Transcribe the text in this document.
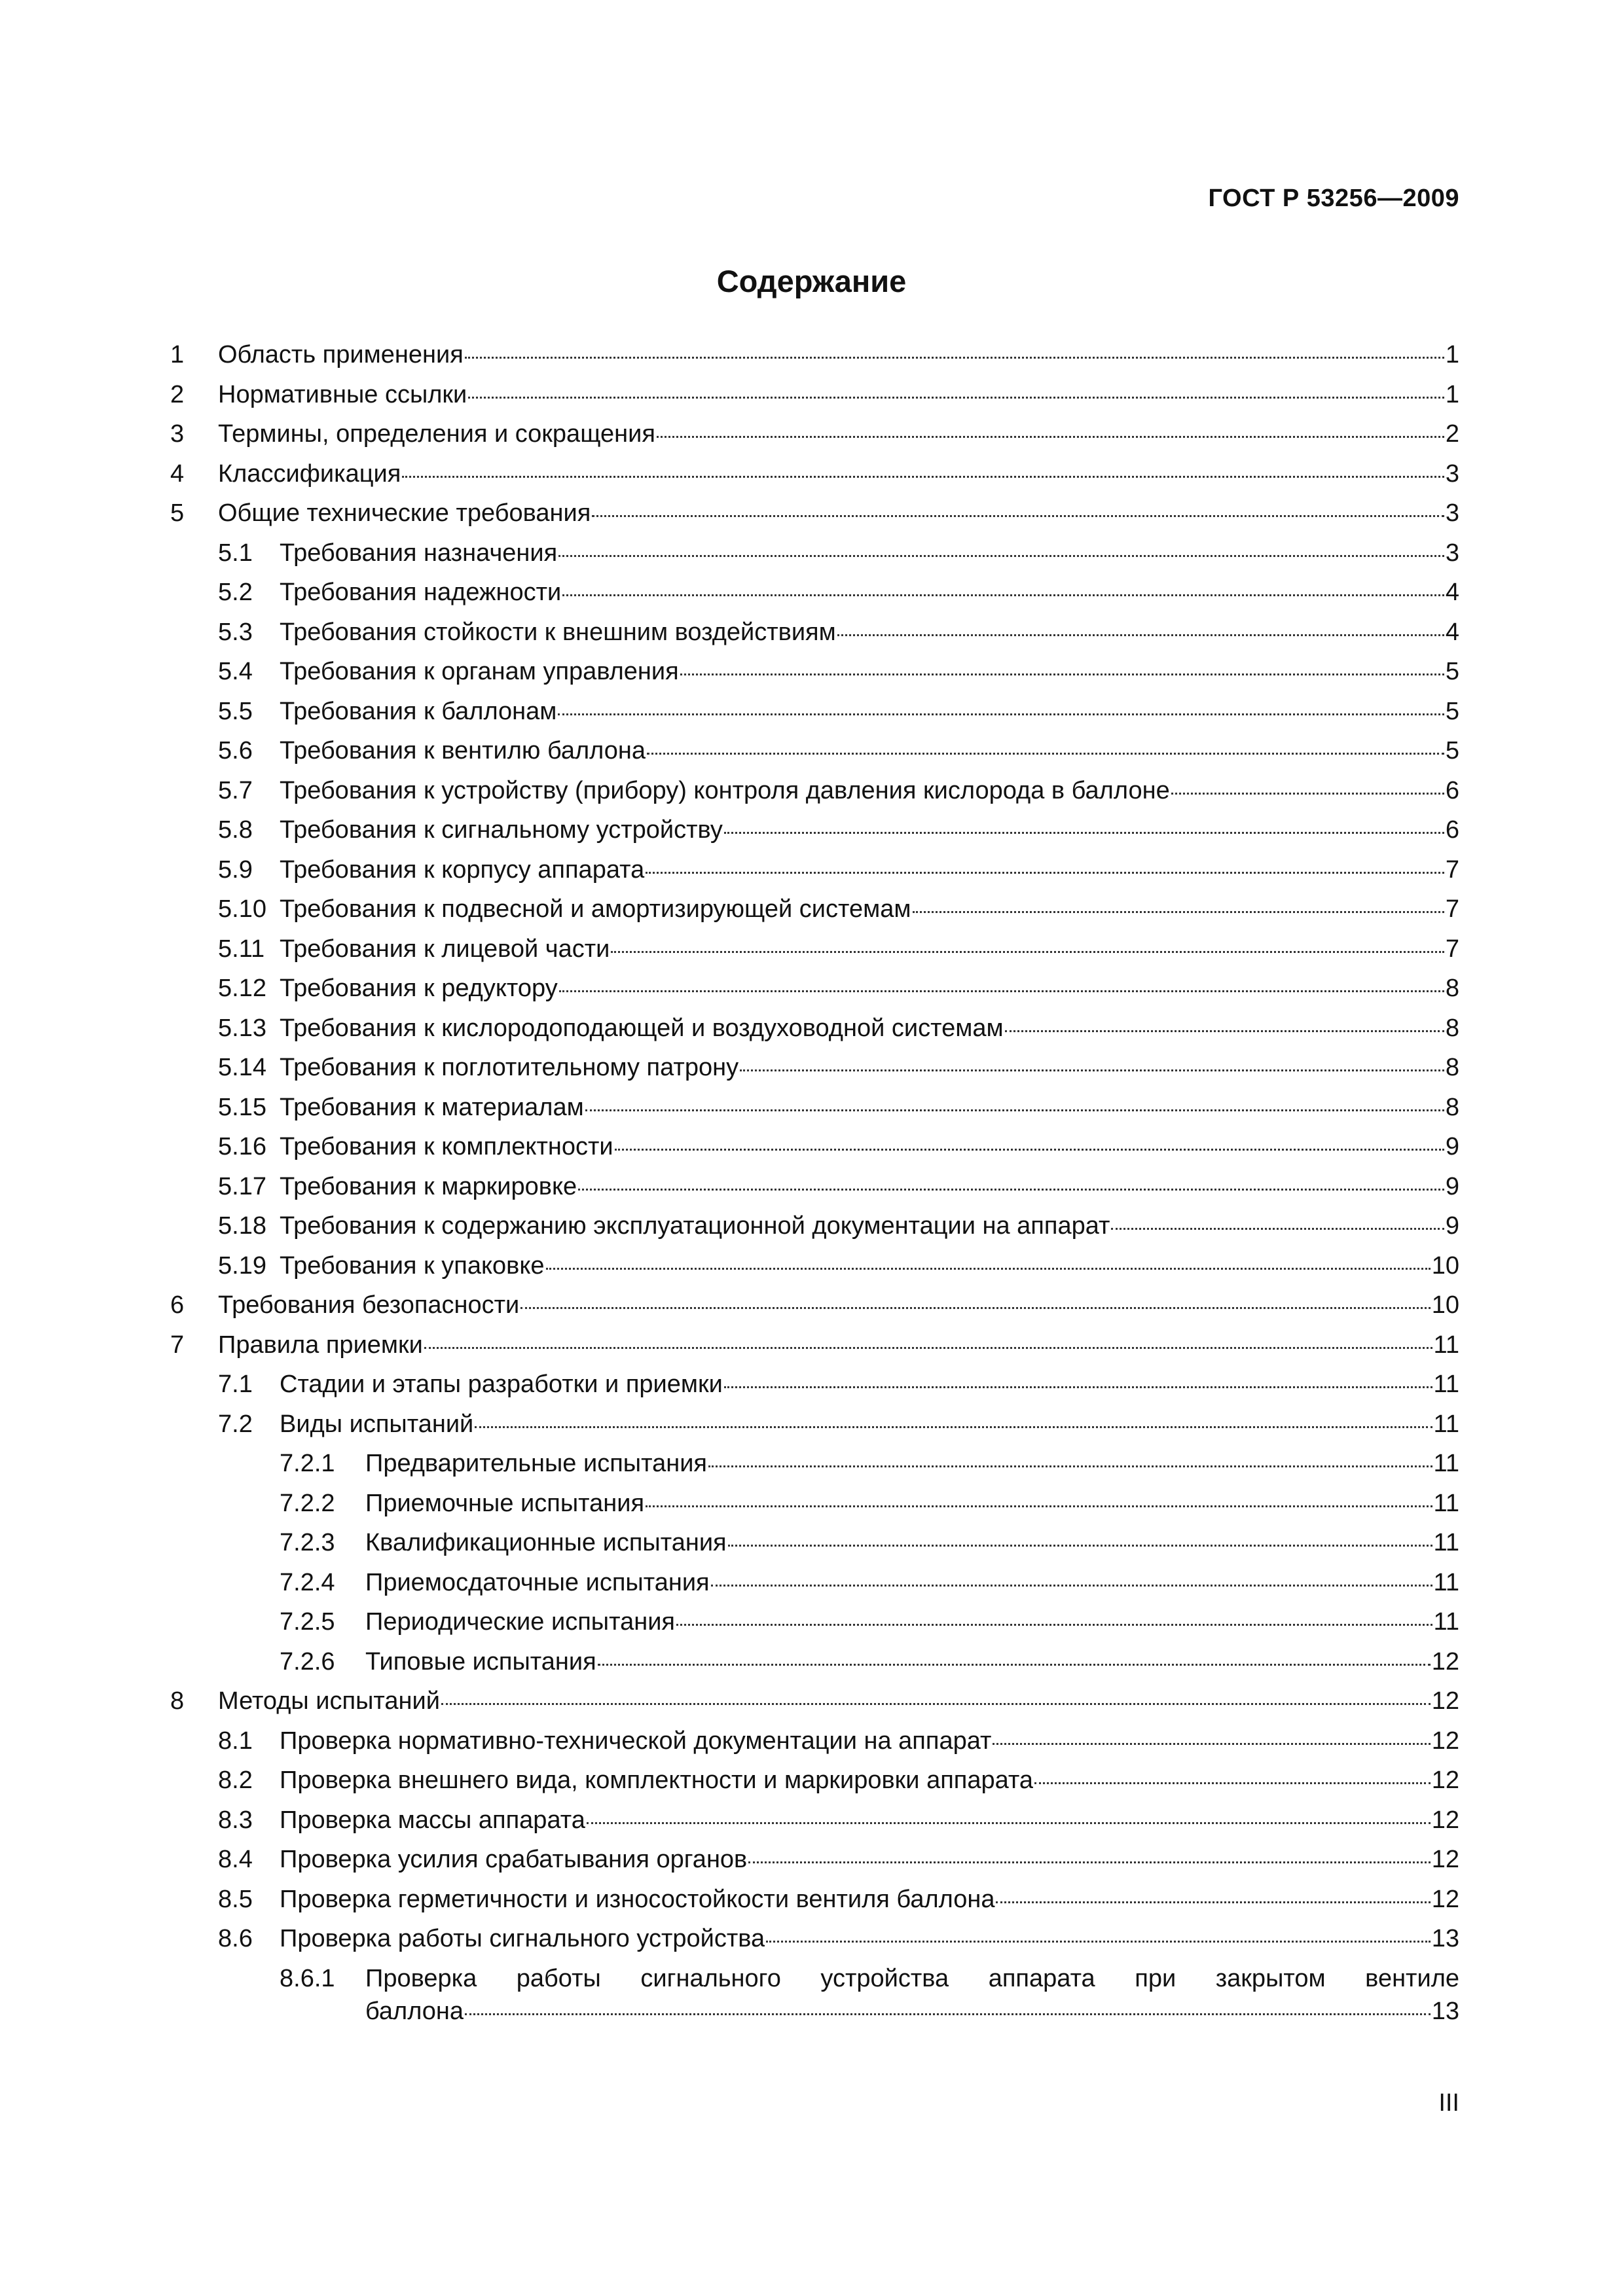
ГОСТ Р 53256—2009
Содержание
1 Область применения	1
2 Нормативные ссылки	1
3 Термины, определения и сокращения	2
4 Классификация	3
5 Общие технические требования	3
5.1 Требования назначения	3
5.2 Требования надежности	4
5.3 Требования стойкости к внешним воздействиям	4
5.4 Требования к органам управления	5
5.5 Требования к баллонам	5
5.6 Требования к вентилю баллона	5
5.7 Требования к устройству (прибору) контроля давления кислорода в баллоне	6
5.8 Требования к сигнальному устройству	6
5.9 Требования к корпусу аппарата	7
5.10 Требования к подвесной и амортизирующей системам	7
5.11 Требования к лицевой части	7
5.12 Требования к редуктору	8
5.13 Требования к кислородоподающей и воздуховодной системам	8
5.14 Требования к поглотительному патрону	8
5.15 Требования к материалам	8
5.16 Требования к комплектности	9
5.17 Требования к маркировке	9
5.18 Требования к содержанию эксплуатационной документации на аппарат	9
5.19 Требования к упаковке	10
6 Требования безопасности	10
7 Правила приемки	11
7.1 Стадии и этапы разработки и приемки	11
7.2 Виды испытаний	11
7.2.1 Предварительные испытания	11
7.2.2 Приемочные испытания	11
7.2.3 Квалификационные испытания	11
7.2.4 Приемосдаточные испытания	11
7.2.5 Периодические испытания	11
7.2.6 Типовые испытания	12
8 Методы испытаний	12
8.1 Проверка нормативно-технической документации на аппарат	12
8.2 Проверка внешнего вида, комплектности и маркировки аппарата	12
8.3 Проверка массы аппарата	12
8.4 Проверка усилия срабатывания органов	12
8.5 Проверка герметичности и износостойкости вентиля баллона	12
8.6 Проверка работы сигнального устройства	13
8.6.1 Проверка работы сигнального устройства аппарата при закрытом вентиле
баллона	13
III
